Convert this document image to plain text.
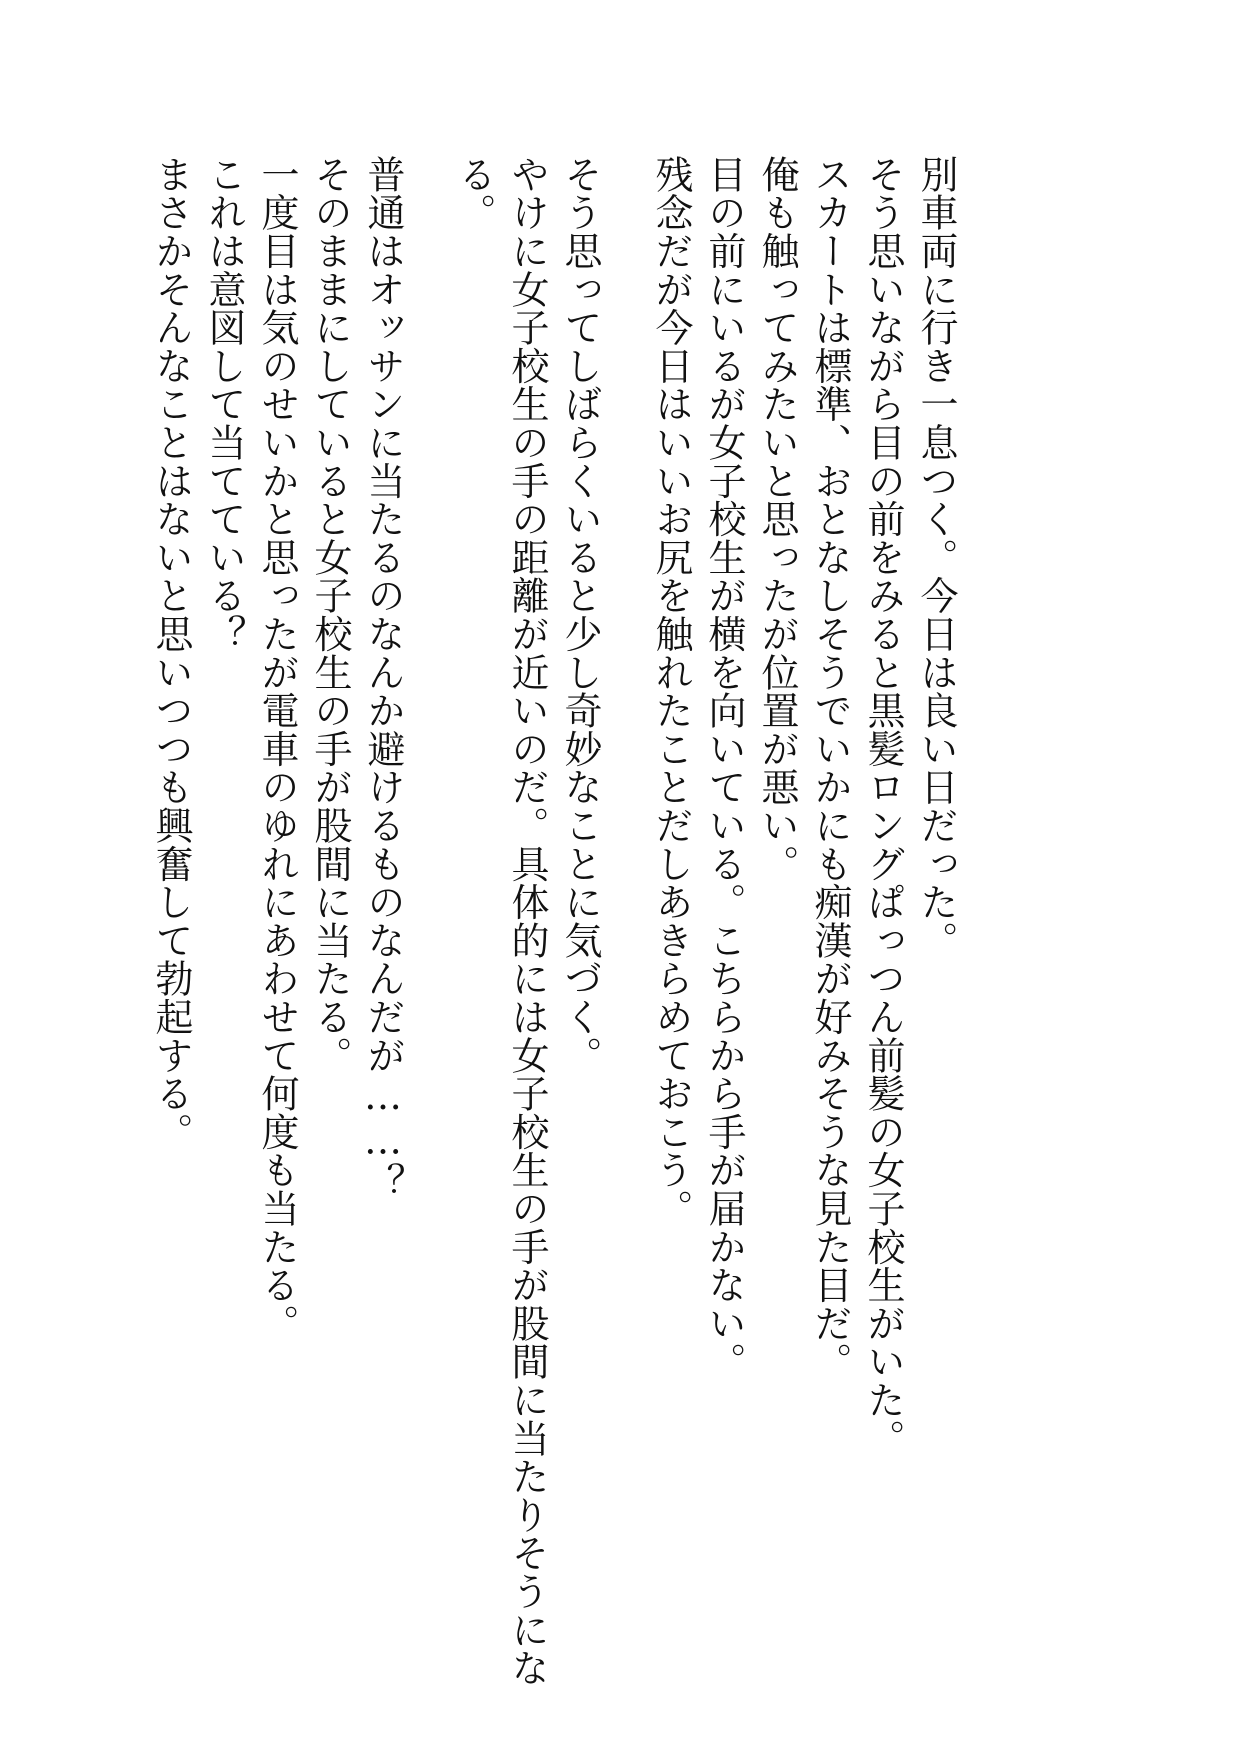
別車両に行き一息つく。今日は良い日だった。
そう思いながら目の前をみると黒髪ロングぱっつん前髪の女子校生がいた。
スカートは標準、おとなしそうでいかにも痴漢が好みそうな見た目だ。
俺も触ってみたいと思ったが位置が悪い。
目の前にいるが女子校生が横を向いている。こちらから手が届かない。
残念だが今日はいいお尻を触れたことだしあきらめておこう。
そう思ってしばらくいると少し奇妙なことに気づく。
やけに女子校生の手の距離が近いのだ。具体的には女子校生の手が股間に当たりそうにな
る。
普通はオッサンに当たるのなんか避けるものなんだが……？
そのままにしていると女子校生の手が股間に当たる。
一度目は気のせいかと思ったが電車のゆれにあわせて何度も当たる。
これは意図して当てている？
まさかそんなことはないと思いつつも興奮して勃起する。
